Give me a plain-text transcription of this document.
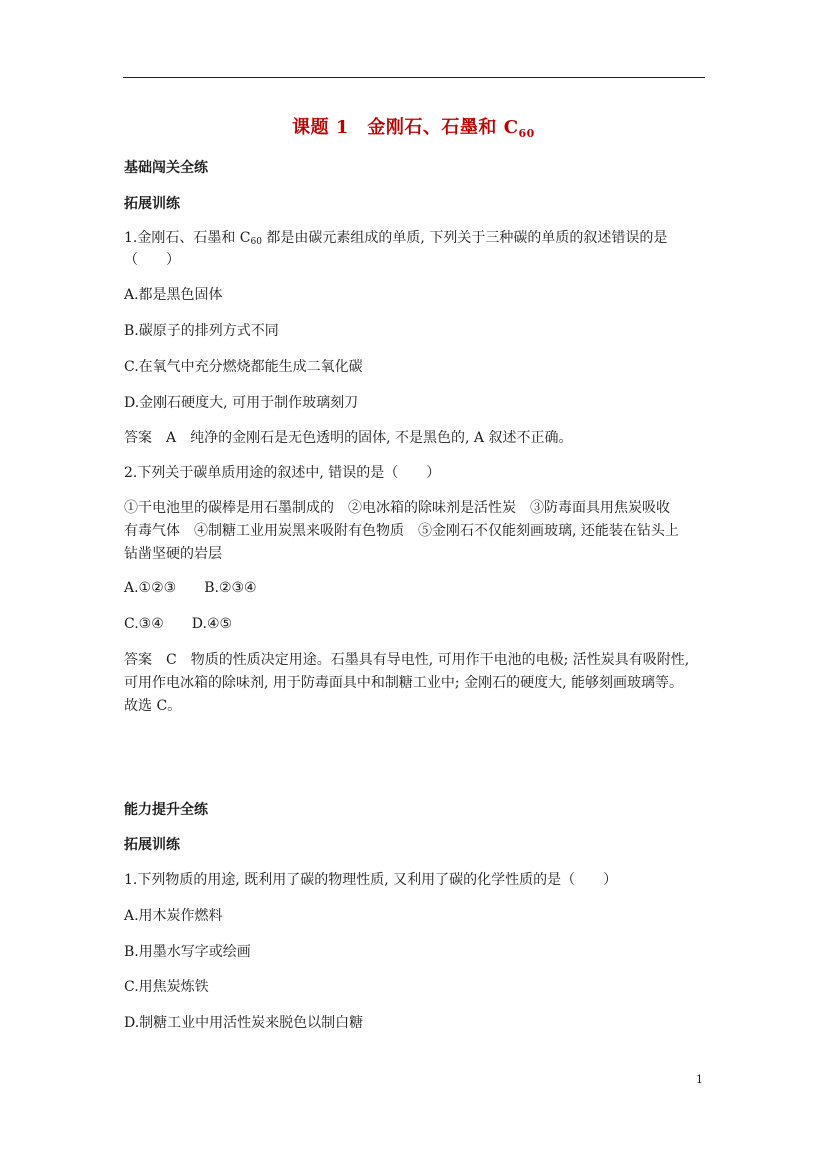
课题 1　金刚石、石墨和 $C_{60}$
基础闯关全练
拓展训练
1.金刚石、石墨和 $C_{60}$ 都是由碳元素组成的单质, 下列关于三种碳的单质的叙述错误的是
（　　）
A.都是黑色固体
B.碳原子的排列方式不同
C.在氧气中充分燃烧都能生成二氧化碳
D.金刚石硬度大, 可用于制作玻璃刻刀
答案　A　纯净的金刚石是无色透明的固体, 不是黑色的, A 叙述不正确。
2.下列关于碳单质用途的叙述中, 错误的是（　　）
①干电池里的碳棒是用石墨制成的　②电冰箱的除味剂是活性炭　③防毒面具用焦炭吸收
有毒气体　④制糖工业用炭黑来吸附有色物质　⑤金刚石不仅能刻画玻璃, 还能装在钻头上
钻凿坚硬的岩层
A.①②③　　B.②③④
C.③④　　D.④⑤
答案　C　物质的性质决定用途。石墨具有导电性, 可用作干电池的电极; 活性炭具有吸附性,
可用作电冰箱的除味剂, 用于防毒面具中和制糖工业中; 金刚石的硬度大, 能够刻画玻璃等。
故选 C。
能力提升全练
拓展训练
1.下列物质的用途, 既利用了碳的物理性质, 又利用了碳的化学性质的是（　　）
A.用木炭作燃料
B.用墨水写字或绘画
C.用焦炭炼铁
D.制糖工业中用活性炭来脱色以制白糖
1
